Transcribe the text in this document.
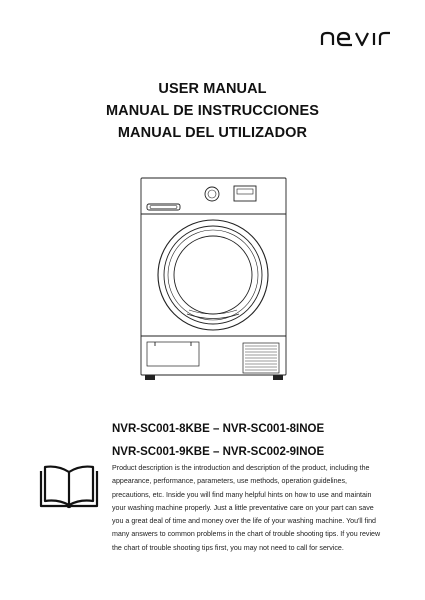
USER MANUAL
MANUAL DE INSTRUCCIONES
MANUAL DEL UTILIZADOR
NVR-SC001-8KBE – NVR-SC001-8INOE
NVR-SC001-9KBE – NVR-SC002-9INOE
Product description is the introduction and description of the product, including the appearance, performance, parameters, use methods, operation guidelines, precautions, etc. Inside you will find many helpful hints on how to use and maintain your washing machine properly. Just a little preventative care on your part can save you a great deal of time and money over the life of your washing machine. You'll find many answers to common problems in the chart of trouble shooting tips. If you review the chart of trouble shooting tips first, you may not need to call for service.
